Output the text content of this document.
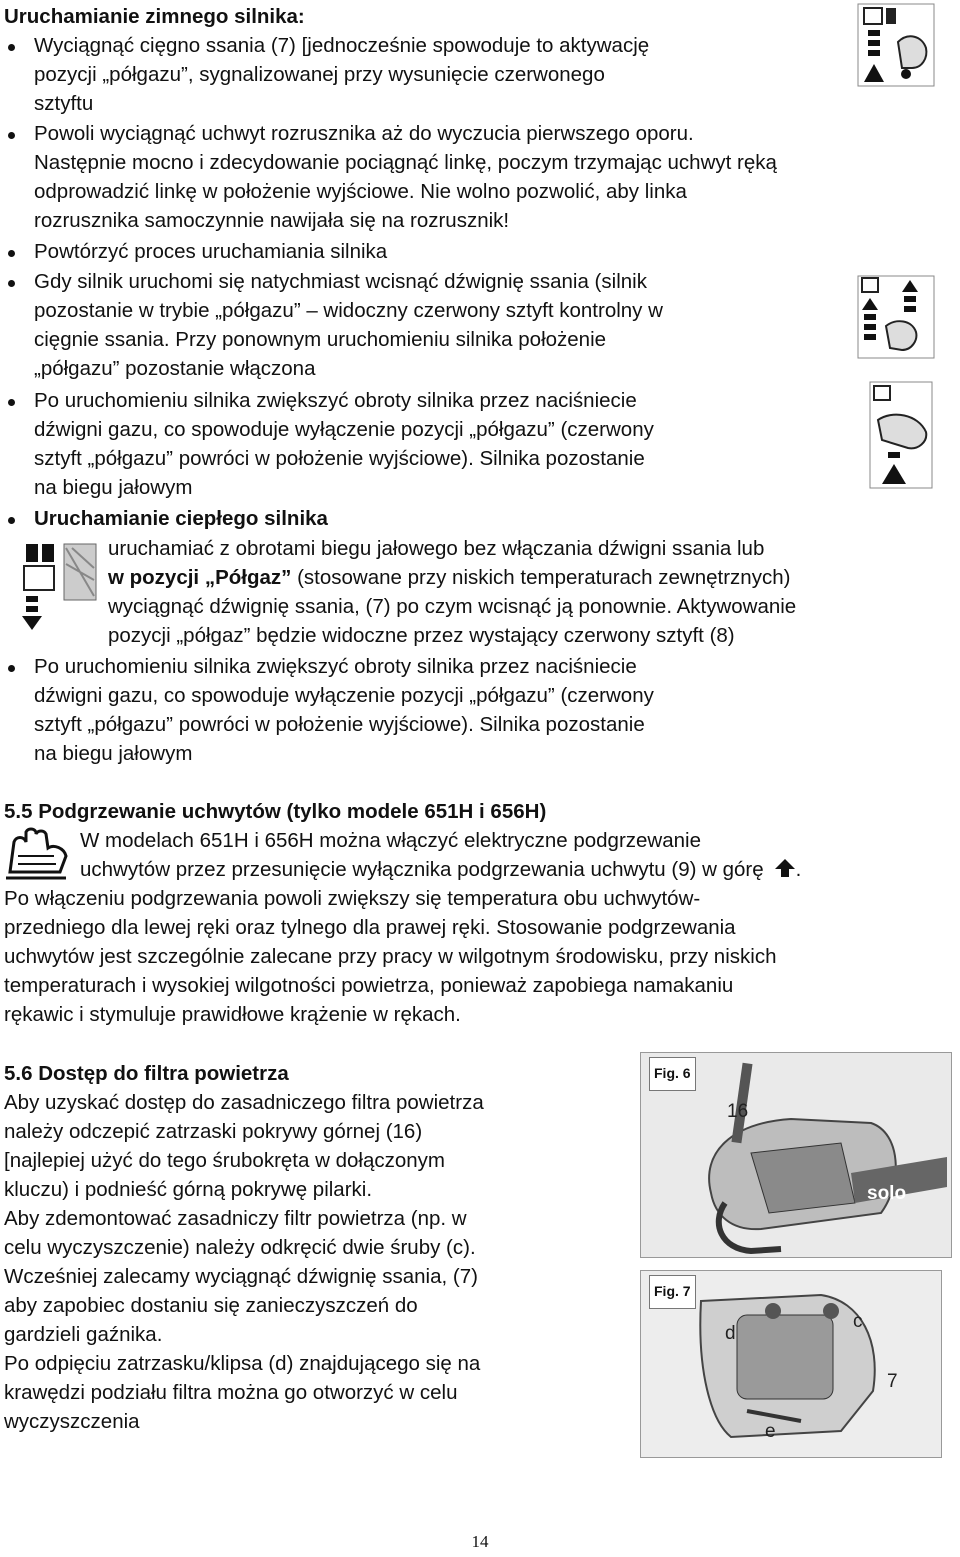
Uruchamianie zimnego silnika:
Wyciągnąć cięgno ssania (7) [jednocześnie spowoduje to aktywację
pozycji „półgazu”, sygnalizowanej przy wysunięcie czerwonego
sztyftu
Powoli wyciągnąć uchwyt rozrusznika aż do wyczucia pierwszego oporu.
Następnie mocno i zdecydowanie pociągnąć linkę, poczym trzymając uchwyt ręką
odprowadzić linkę w położenie wyjściowe. Nie wolno pozwolić, aby linka
rozrusznika samoczynnie nawijała się na rozrusznik!
Powtórzyć proces uruchamiania silnika
Gdy silnik uruchomi się natychmiast wcisnąć dźwignię ssania (silnik
pozostanie w trybie „półgazu” – widoczny czerwony sztyft kontrolny w
cięgnie ssania. Przy ponownym uruchomieniu silnika położenie
„półgazu” pozostanie włączona
Po uruchomieniu silnika zwiększyć obroty silnika przez naciśniecie
dźwigni gazu, co spowoduje wyłączenie pozycji „półgazu” (czerwony
sztyft „półgazu” powróci w położenie wyjściowe). Silnika pozostanie
na biegu jałowym
Uruchamianie ciepłego silnika
uruchamiać z obrotami biegu jałowego bez włączania dźwigni ssania lub
w pozycji „Półgaz” (stosowane przy niskich temperaturach zewnętrznych)
wyciągnąć dźwignię ssania, (7) po czym wcisnąć ją ponownie. Aktywowanie
pozycji „półgaz” będzie widoczne przez wystający czerwony sztyft (8)
Po uruchomieniu silnika zwiększyć obroty silnika przez naciśniecie
dźwigni gazu, co spowoduje wyłączenie pozycji „półgazu” (czerwony
sztyft „półgazu” powróci w położenie wyjściowe). Silnika pozostanie
na biegu jałowym
5.5 Podgrzewanie uchwytów (tylko modele 651H i 656H)
W modelach 651H i 656H można włączyć elektryczne podgrzewanie
uchwytów przez przesunięcie wyłącznika podgrzewania uchwytu (9) w górę .
Po włączeniu podgrzewania powoli zwiększy się temperatura obu uchwytów-
przedniego dla lewej ręki oraz tylnego dla prawej ręki. Stosowanie podgrzewania
uchwytów jest szczególnie zalecane przy pracy w wilgotnym środowisku, przy niskich
temperaturach i wysokiej wilgotności powietrza, ponieważ zapobiega namakaniu
rękawic i stymuluje prawidłowe krążenie w rękach.
5.6 Dostęp do filtra powietrza
Aby uzyskać dostęp do zasadniczego filtra powietrza
należy odczepić zatrzaski pokrywy górnej (16)
[najlepiej użyć do tego śrubokręta w dołączonym
kluczu) i podnieść górną pokrywę pilarki.
Aby zdemontować zasadniczy filtr powietrza (np. w
celu wyczyszczenie) należy odkręcić dwie śruby (c).
Wcześniej zalecamy wyciągnąć dźwignię ssania, (7)
aby zapobiec dostaniu się zanieczyszczeń do
gardzieli gaźnika.
Po odpięciu zatrzasku/klipsa (d) znajdującego się na
krawędzi podziału filtra można go otworzyć w celu
wyczyszczenia
Fig. 6
16
solo
Fig. 7
c
d
7
e
14
